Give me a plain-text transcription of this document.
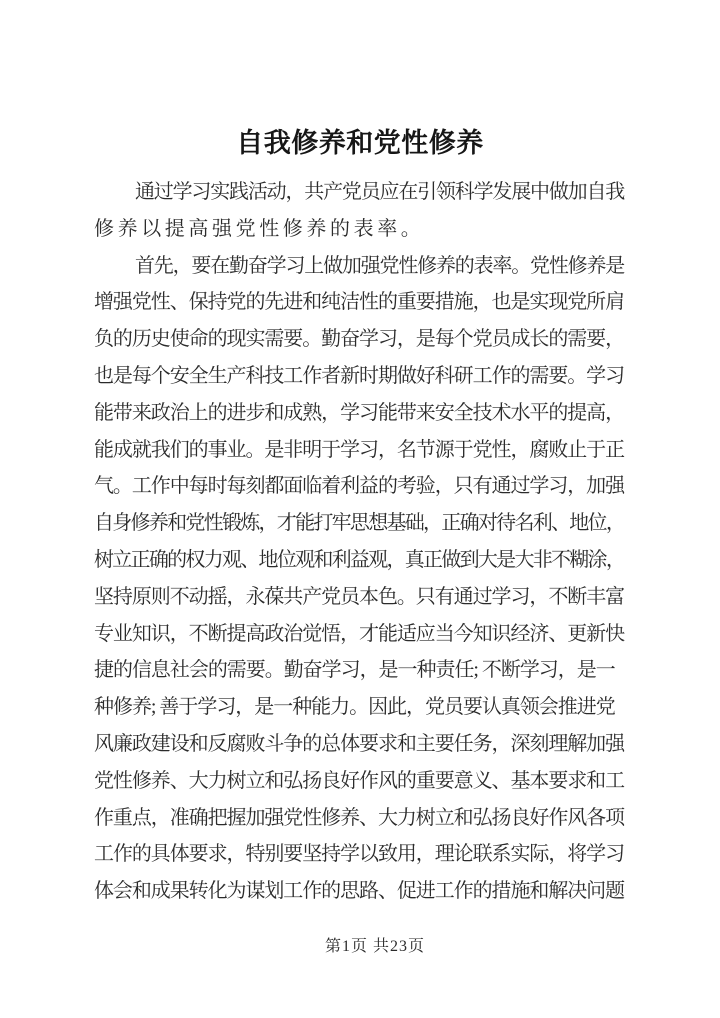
自我修养和党性修养
通过学习实践活动，共产党员应在引领科学发展中做加自我
修养以提高强党性修养的表率。
首先，要在勤奋学习上做加强党性修养的表率。党性修养是
增强党性、保持党的先进和纯洁性的重要措施，也是实现党所肩
负的历史使命的现实需要。勤奋学习，是每个党员成长的需要，
也是每个安全生产科技工作者新时期做好科研工作的需要。学习
能带来政治上的进步和成熟，学习能带来安全技术水平的提高，
能成就我们的事业。是非明于学习，名节源于党性，腐败止于正
气。工作中每时每刻都面临着利益的考验，只有通过学习，加强
自身修养和党性锻炼，才能打牢思想基础，正确对待名利、地位，
树立正确的权力观、地位观和利益观，真正做到大是大非不糊涂，
坚持原则不动摇，永葆共产党员本色。只有通过学习，不断丰富
专业知识，不断提高政治觉悟，才能适应当今知识经济、更新快
捷的信息社会的需要。勤奋学习，是一种责任; 不断学习，是一
种修养; 善于学习，是一种能力。因此，党员要认真领会推进党
风廉政建设和反腐败斗争的总体要求和主要任务，深刻理解加强
党性修养、大力树立和弘扬良好作风的重要意义、基本要求和工
作重点，准确把握加强党性修养、大力树立和弘扬良好作风各项
工作的具体要求，特别要坚持学以致用，理论联系实际，将学习
体会和成果转化为谋划工作的思路、促进工作的措施和解决问题
第1页 共23页
